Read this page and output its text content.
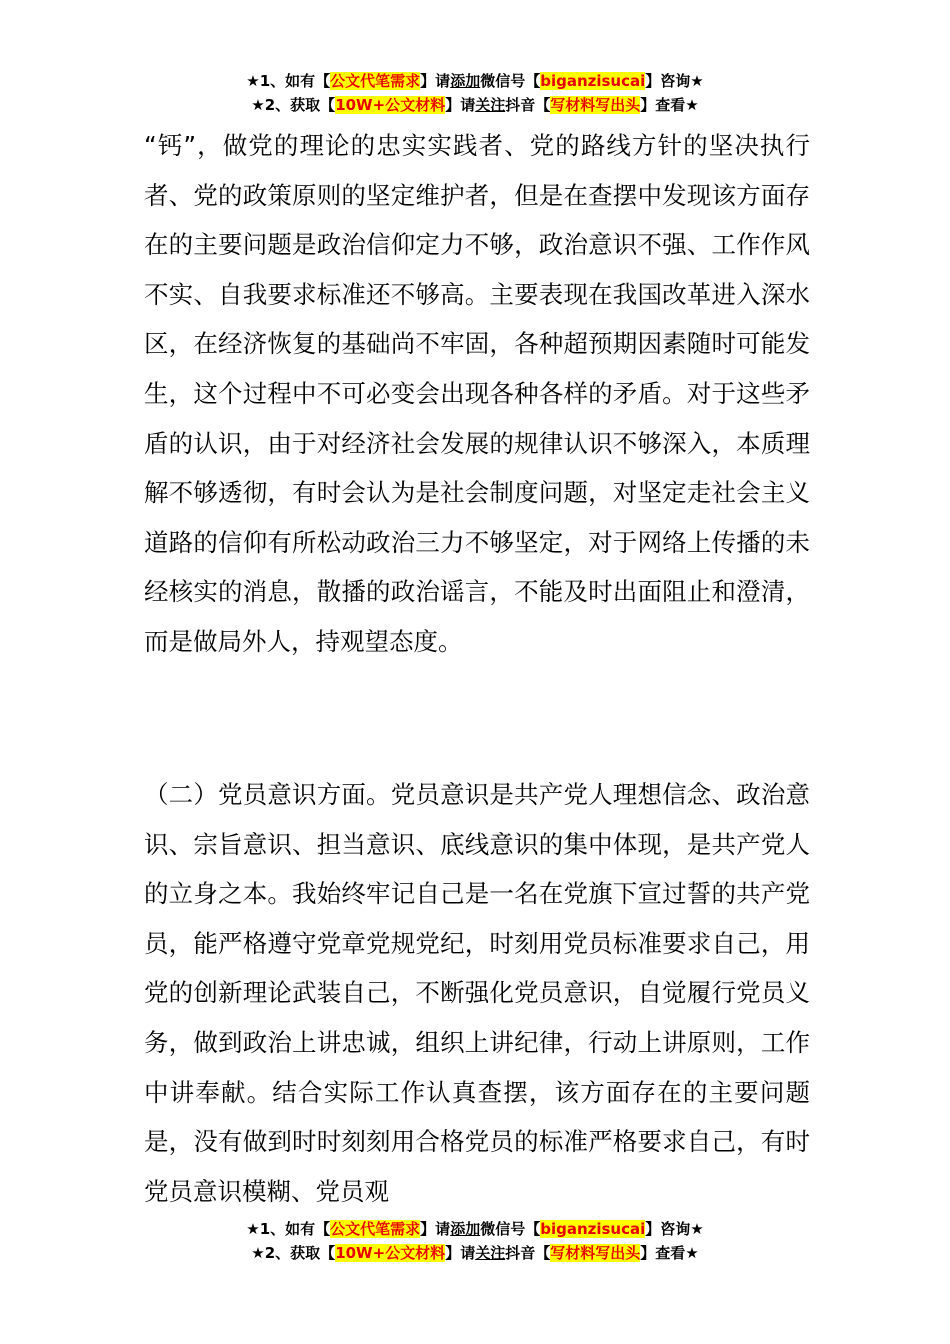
★1、如有【公文代笔需求】请添加微信号【biganzisucai】咨询★
★2、获取【10W+公文材料】请关注抖音【写材料写出头】查看★

“钙”，做党的理论的忠实实践者、党的路线方针的坚决执行者、党的政策原则的坚定维护者，但是在查摆中发现该方面存在的主要问题是政治信仰定力不够，政治意识不强、工作作风不实、自我要求标准还不够高。主要表现在我国改革进入深水区，在经济恢复的基础尚不牢固，各种超预期因素随时可能发生，这个过程中不可必变会出现各种各样的矛盾。对于这些矛盾的认识，由于对经济社会发展的规律认识不够深入，本质理解不够透彻，有时会认为是社会制度问题，对坚定走社会主义道路的信仰有所松动政治三力不够坚定，对于网络上传播的未经核实的消息，散播的政治谣言，不能及时出面阻止和澄清，而是做局外人，持观望态度。

（二）党员意识方面。党员意识是共产党人理想信念、政治意识、宗旨意识、担当意识、底线意识的集中体现，是共产党人的立身之本。我始终牢记自己是一名在党旗下宣过誓的共产党员，能严格遵守党章党规党纪，时刻用党员标准要求自己，用党的创新理论武装自己，不断强化党员意识，自觉履行党员义务，做到政治上讲忠诚，组织上讲纪律，行动上讲原则，工作中讲奉献。结合实际工作认真查摆，该方面存在的主要问题是，没有做到时时刻刻用合格党员的标准严格要求自己，有时党员意识模糊、党员观

★1、如有【公文代笔需求】请添加微信号【biganzisucai】咨询★
★2、获取【10W+公文材料】请关注抖音【写材料写出头】查看★
